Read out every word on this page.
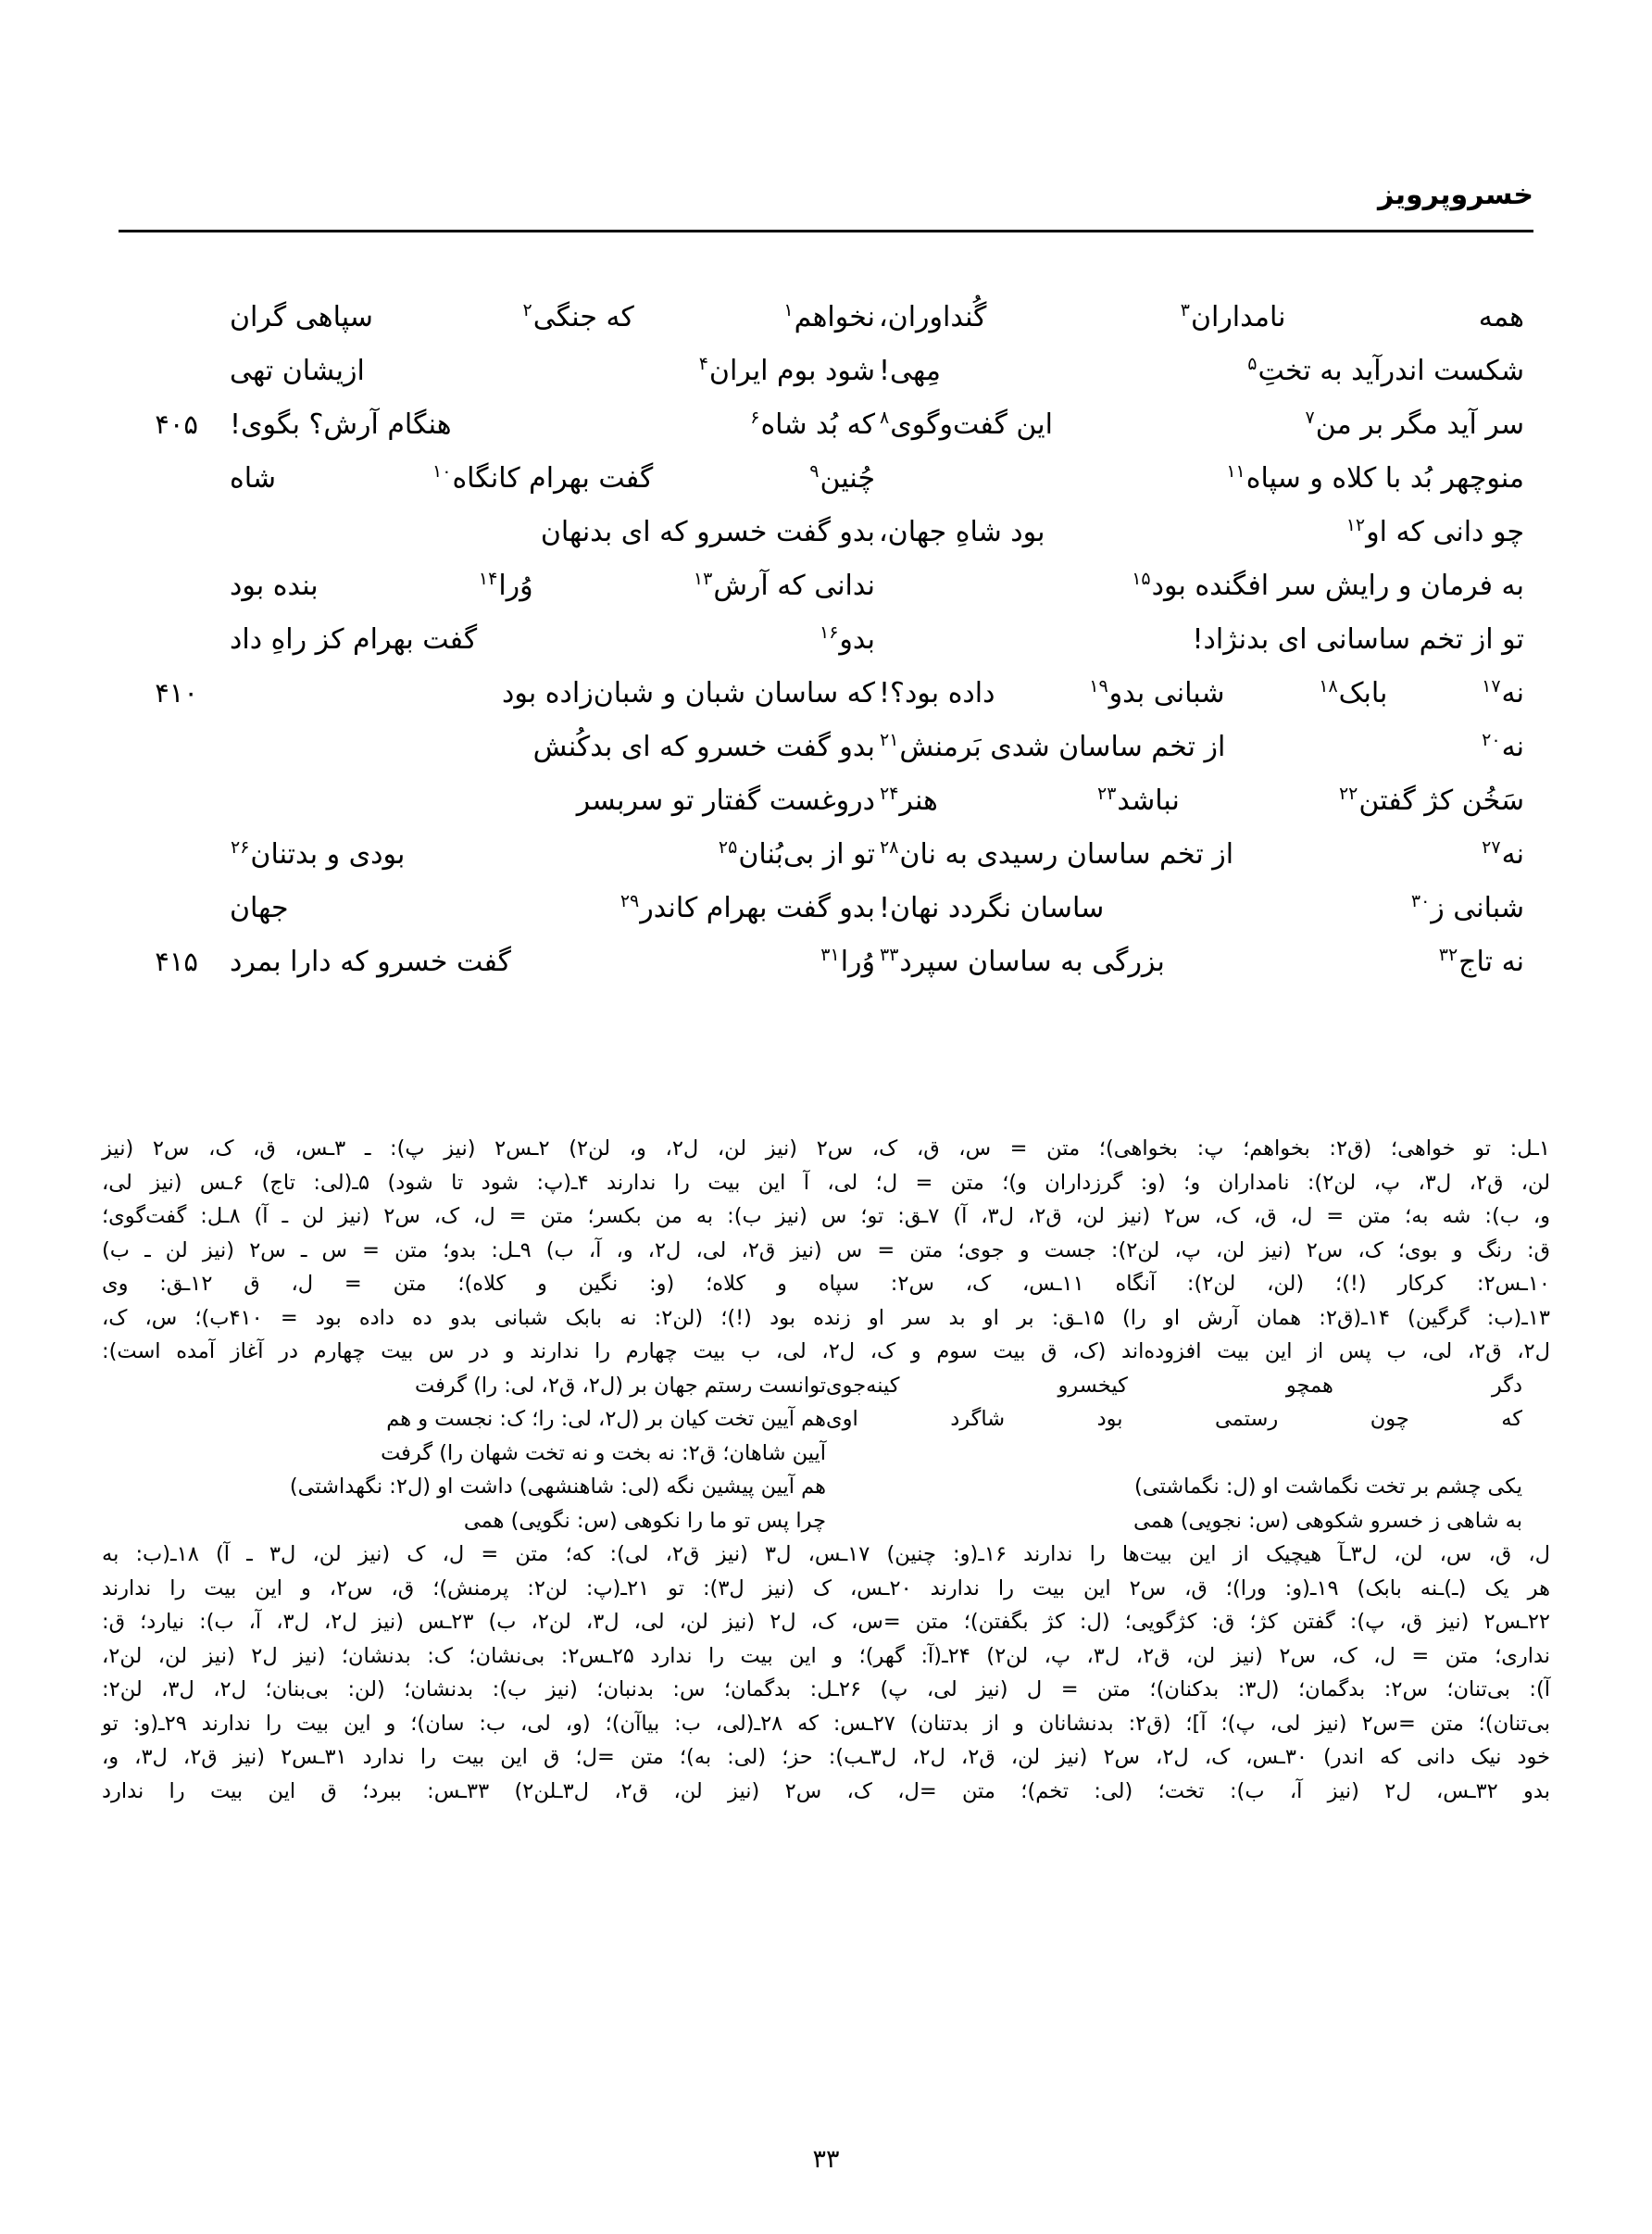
خسروپرویز
همه نامداران$^۳$ گُنداوران،
نخواهم$^۱$ که جنگی$^۲$ سپاهی گران
شکست اندرآید به تختِ$^۵$ مِهی!
شود بوم ایران$^۴$ ازیشان تهی
سر آید مگر بر من$^۷$ این گفت‌وگوی$^۸$
که بُد شاه$^۶$ هنگام آرش؟ بگوی!
۴۰۵
منوچهر بُد با کلاه و سپاه$^{۱۱}$
چُنین$^۹$ گفت بهرام کانگاه$^{۱۰}$ شاه
چو دانی که او$^{۱۲}$ بود شاهِ جهان،
بدو گفت خسرو که ای بدنهان
به فرمان و رایش سر افگنده بود$^{۱۵}$
ندانی که آرش$^{۱۳}$ وُرا$^{۱۴}$ بنده بود
تو از تخم ساسانی ای بدنژاد!
بدو$^{۱۶}$ گفت بهرام کز راهِ داد
نه$^{۱۷}$ بابک$^{۱۸}$ شبانی بدو$^{۱۹}$ داده بود؟!
که ساسان شبان و شبان‌زاده بود
۴۱۰
نه$^{۲۰}$ از تخم ساسان شدی بَرمنش$^{۲۱}$
بدو گفت خسرو که ای بدکُنش
سَخُن کژ گفتن$^{۲۲}$ نباشد$^{۲۳}$ هنر$^{۲۴}$
دروغست گفتار تو سربسر
نه$^{۲۷}$ از تخم ساسان رسیدی به نان$^{۲۸}$
تو از بی‌بُنان$^{۲۵}$ بودی و بدتنان$^{۲۶}$
شبانی ز$^{۳۰}$ ساسان نگردد نهان!
بدو گفت بهرام کاندر$^{۲۹}$ جهان
نه تاج$^{۳۲}$ بزرگی به ساسان سپرد$^{۳۳}$
وُرا$^{۳۱}$ گفت خسرو که دارا بمرد
۴۱۵
۱ـل: تو خواهی؛ (ق۲: بخواهم؛ پ: بخواهی)؛ متن = س، ق، ک، س۲ (نیز لن، ل۲، و، لن۲) ۲ـس۲ (نیز پ): ـ ۳ـس، ق، ک، س۲ (نیز
لن، ق۲، ل۳، پ، لن۲): نامداران و؛ (و: گرزداران و)؛ متن = ل؛ لی، آ این بیت را ندارند ۴ـ(پ: شود تا شود) ۵ـ(لی: تاج) ۶ـس (نیز لی،
و، ب): شه به؛ متن = ل، ق، ک، س۲ (نیز لن، ق۲، ل۳، آ) ۷ـق: تو؛ س (نیز ب): به من بکسر؛ متن = ل، ک، س۲ (نیز لن ـ آ) ۸ـل: گفت‌گوی؛
ق: رنگ و بوی؛ ک، س۲ (نیز لن، پ، لن۲): جست و جوی؛ متن = س (نیز ق۲، لی، ل۲، و، آ، ب) ۹ـل: بدو؛ متن = س ـ س۲ (نیز لن ـ ب)
۱۰ـس۲: کرکار (!)؛ (لن، لن۲): آنگاه ۱۱ـس، ک، س۲: سپاه و کلاه؛ (و: نگین و کلاه)؛ متن = ل، ق ۱۲ـق: وی
۱۳ـ(ب: گرگین) ۱۴ـ(ق۲: همان آرش او را) ۱۵ـق: بر او بد سر او زنده بود (!)؛ (لن۲: نه بابک شبانی بدو ده داده بود = ۴۱۰ب)؛ س، ک،
ل۲، ق۲، لی، ب پس از این بیت افزوده‌اند (ک، ق بیت سوم و ک، ل۲، لی، ب بیت چهارم را ندارند و در س بیت چهارم در آغاز آمده است):
دگر
همچو
کیخسرو
کینه‌جوی
توانست رستم جهان بر (ل۲، ق۲، لی: را) گرفت
که
چون
رستمی
بود
شاگرد
اوی
هم آیین تخت کیان بر (ل۲، لی: را؛ ک: نجست و هم
آیین شاهان؛ ق۲: نه بخت و نه تخت شهان را) گرفت
یکی چشم بر تخت نگماشت او (ل: نگماشتی)
هم آیین پیشین نگه (لی: شاهنشهی) داشت او (ل۲: نگهداشتی)
به شاهی ز خسرو شکوهی (س: نجویی) همی
چرا پس تو ما را نکوهی (س: نگویی) همی
ل، ق، س، لن، ل۳ـآ هیچیک از این بیت‌ها را ندارند ۱۶ـ(و: چنین) ۱۷ـس، ل۳ (نیز ق۲، لی): که؛ متن = ل، ک (نیز لن، ل۳ ـ آ) ۱۸ـ(ب: به
هر یک (ـ)ـنه بابک) ۱۹ـ(و: ورا)؛ ق، س۲ این بیت را ندارند ۲۰ـس، ک (نیز ل۳): تو ۲۱ـ(پ: لن۲: پرمنش)؛ ق، س۲، و این بیت را ندارند
۲۲ـس۲ (نیز ق، پ): گفتن کژ؛ ق: کژگویی؛ (ل: کژ بگفتن)؛ متن =س، ک، ل۲ (نیز لن، لی، ل۳، لن۲، ب) ۲۳ـس (نیز ل۲، ل۳، آ، ب): نیارد؛ ق:
نداری؛ متن = ل، ک، س۲ (نیز لن، ق۲، ل۳، پ، لن۲) ۲۴ـ(آ: گهر)؛ و این بیت را ندارد ۲۵ـس۲: بی‌نشان؛ ک: بدنشان؛ (نیز ل۲ (نیز لن، لن۲،
آ): بی‌تنان؛ س۲: بدگمان؛ (ل۳: بدکنان)؛ متن = ل (نیز لی، پ) ۲۶ـل: بدگمان؛ س: بدنبان؛ (نیز ب): بدنشان؛ (لن: بی‌بنان؛ ل۲، ل۳، لن۲:
بی‌تنان)؛ متن =س۲ (نیز لی، پ)؛ آ]؛ (ق۲: بدنشانان و از بدتنان) ۲۷ـس: که ۲۸ـ(لی، ب: بیاآن)؛ (و، لی، ب: سان)؛ و این بیت را ندارند ۲۹ـ(و: تو
خود نیک دانی که اندر) ۳۰ـس، ک، ل۲، س۲ (نیز لن، ق۲، ل۲، ل۳ـب): حز؛ (لی: به)؛ متن =ل؛ ق این بیت را ندارد ۳۱ـس۲ (نیز ق۲، ل۳، و،
بدو ۳۲ـس، ل۲ (نیز آ، ب): تخت؛ (لی: تخم)؛ متن =ل، ک، س۲ (نیز لن، ق۲، ل۳ـلن۲) ۳۳ـس: ببرد؛ ق این بیت را ندارد
۳۳
